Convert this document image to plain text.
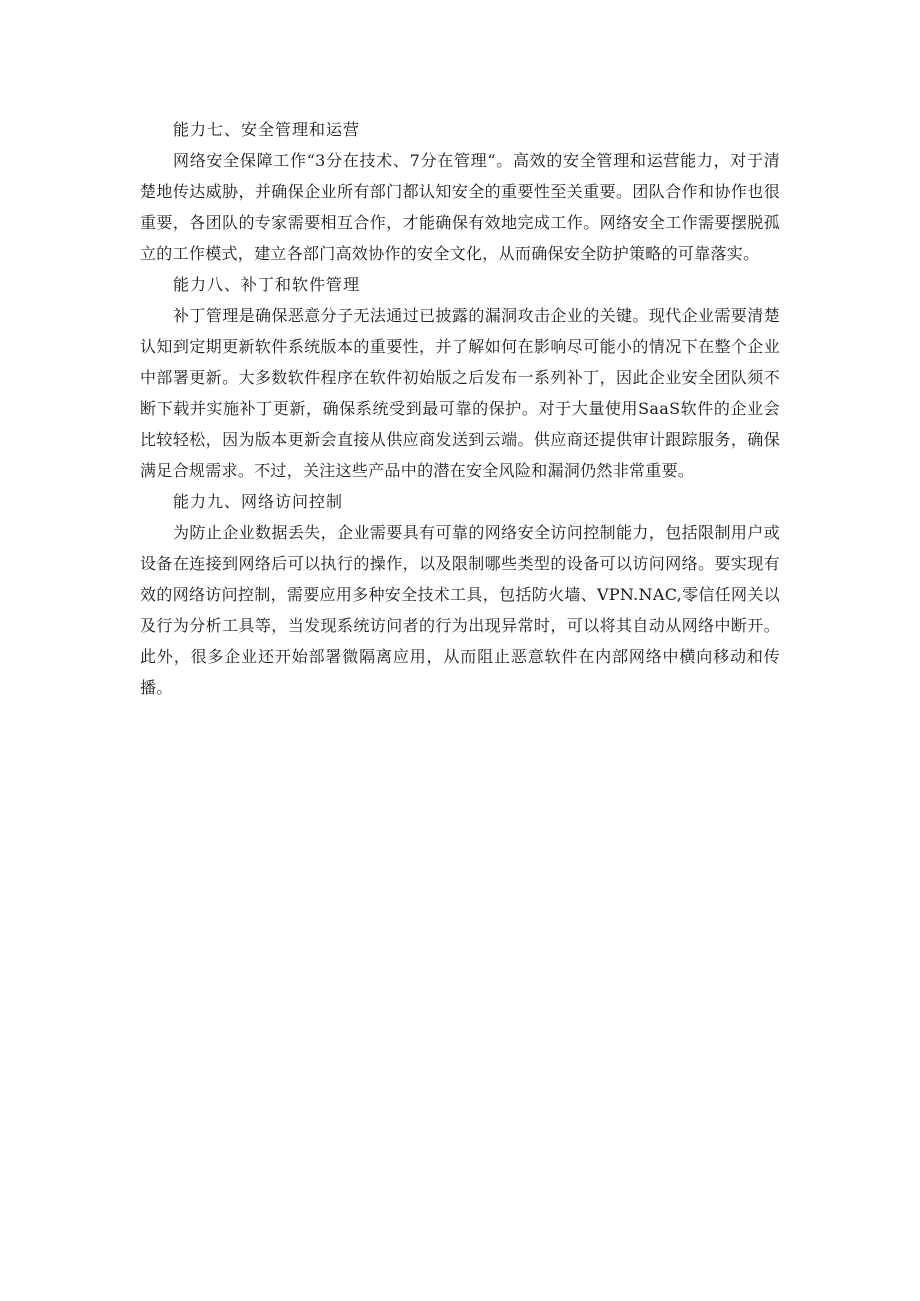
能力七、安全管理和运营

网络安全保障工作“3分在技术、7分在管理“。高效的安全管理和运营能力，对于清楚地传达威胁，并确保企业所有部门都认知安全的重要性至关重要。团队合作和协作也很重要，各团队的专家需要相互合作，才能确保有效地完成工作。网络安全工作需要摆脱孤立的工作模式，建立各部门高效协作的安全文化，从而确保安全防护策略的可靠落实。

能力八、补丁和软件管理

补丁管理是确保恶意分子无法通过已披露的漏洞攻击企业的关键。现代企业需要清楚认知到定期更新软件系统版本的重要性，并了解如何在影响尽可能小的情况下在整个企业中部署更新。大多数软件程序在软件初始版之后发布一系列补丁，因此企业安全团队须不断下载并实施补丁更新，确保系统受到最可靠的保护。对于大量使用SaaS软件的企业会比较轻松，因为版本更新会直接从供应商发送到云端。供应商还提供审计跟踪服务，确保满足合规需求。不过，关注这些产品中的潜在安全风险和漏洞仍然非常重要。

能力九、网络访问控制

为防止企业数据丢失，企业需要具有可靠的网络安全访问控制能力，包括限制用户或设备在连接到网络后可以执行的操作，以及限制哪些类型的设备可以访问网络。要实现有效的网络访问控制，需要应用多种安全技术工具，包括防火墙、VPN.NAC,零信任网关以及行为分析工具等，当发现系统访问者的行为出现异常时，可以将其自动从网络中断开。此外，很多企业还开始部署微隔离应用，从而阻止恶意软件在内部网络中横向移动和传播。
